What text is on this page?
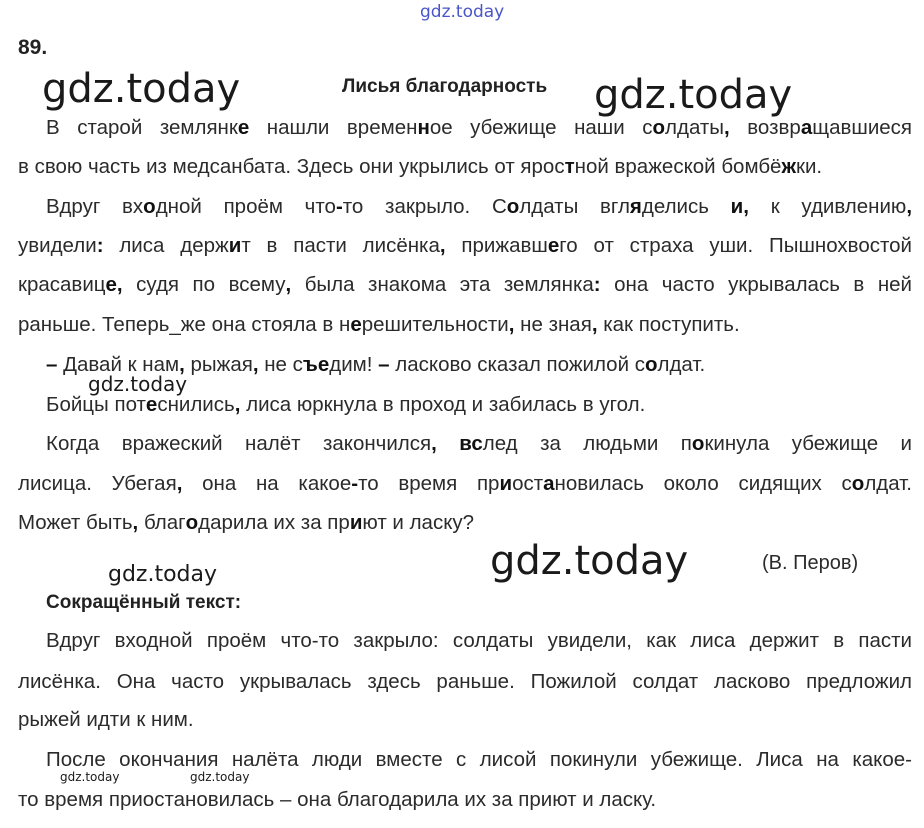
gdz.today
89.
gdz.today	Лисья благодарность gdz.today
В старой землянке нашли временное убежище наши солдаты, возвращавшиеся
в свою часть из медсанбата. Здесь они укрылись от яростной вражеской бомбёжки.
Вдруг входной проём что-то закрыло. Солдаты вгляделись и, к удивлению,
увидели: лиса держит в пасти лисёнка, прижавшего от страха уши. Пышнохвостой
красавице, судя по всему, была знакома эта землянка: она часто укрывалась в ней
раньше. Теперь_же она стояла в нерешительности, не зная, как поступить.
– Давай к нам, рыжая, не съедим! – ласково сказал пожилой солдат.
gdz.today
Бойцы потеснились, лиса юркнула в проход и забилась в угол.
Когда вражеский налёт закончился, вслед за людьми покинула убежище и
лисица. Убегая, она на какое-то время приостановилась около сидящих солдат.
Может быть, благодарила их за приют и ласку?
gdz.today	(В. Перов)
gdz.today
Сокращённый текст:
Вдруг входной проём что-то закрыло: солдаты увидели, как лиса держит в пасти
лисёнка. Она часто укрывалась здесь раньше. Пожилой солдат ласково предложил
рыжей идти к ним.
После окончания налёта люди вместе с лисой покинули убежище. Лиса на какое-
gdz.today	gdz.today
то время приостановилась – она благодарила их за приют и ласку.
